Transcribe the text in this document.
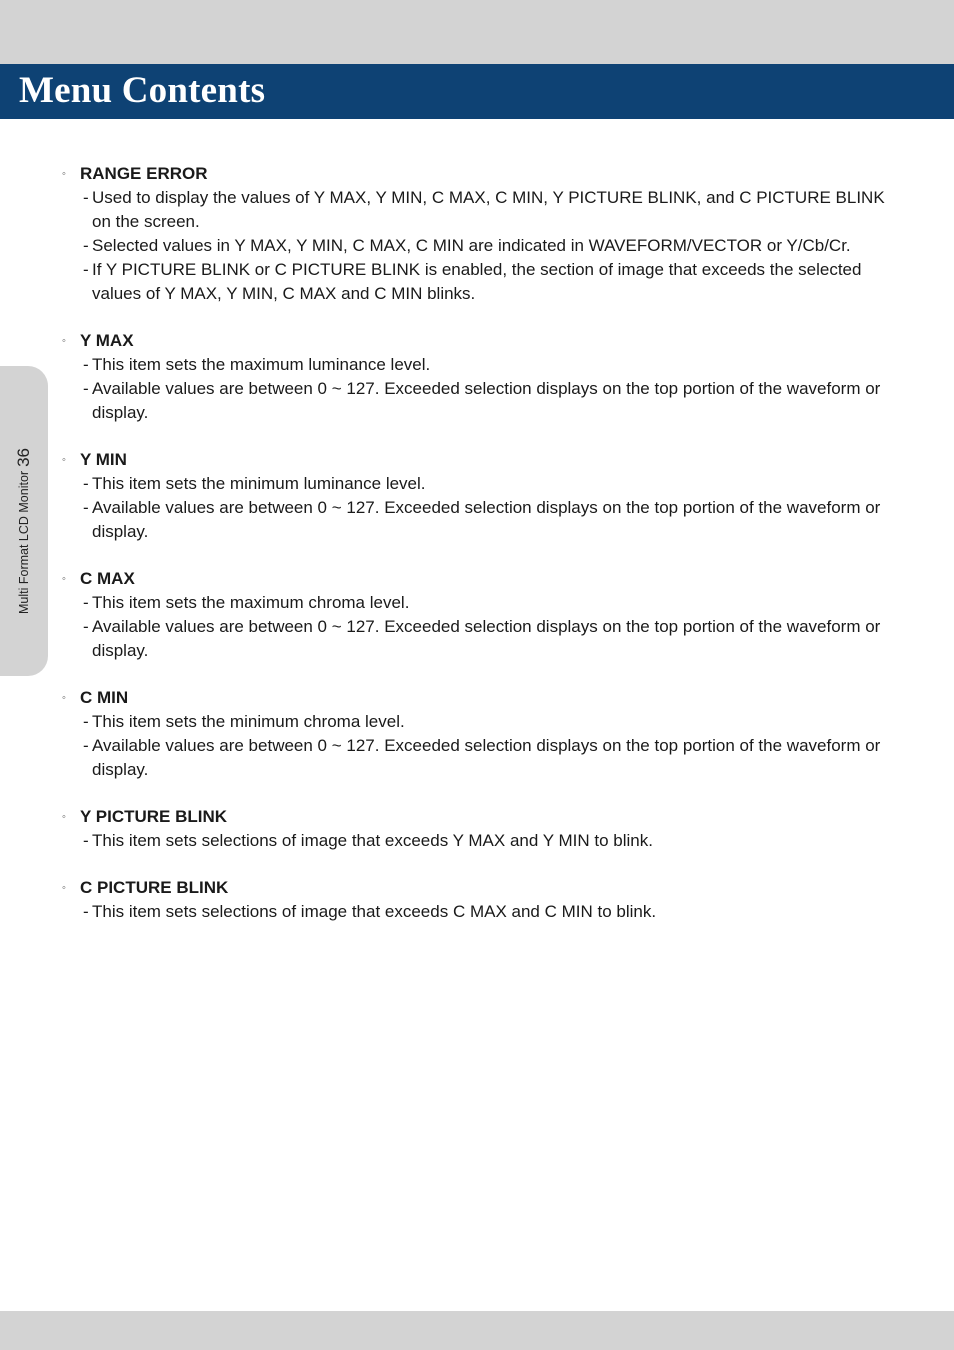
Menu Contents
Multi Format LCD Monitor36
◦ RANGE ERROR
- Used to display the values of Y MAX, Y MIN, C MAX, C MIN, Y PICTURE BLINK, and C PICTURE BLINK on the screen.
- Selected values in Y MAX, Y MIN, C MAX, C MIN are indicated in WAVEFORM/VECTOR or Y/Cb/Cr.
- If Y PICTURE BLINK or C PICTURE BLINK is enabled, the section of image that exceeds the selected values of Y MAX, Y MIN, C MAX and C MIN blinks.
◦ Y MAX
- This item sets the maximum luminance level.
- Available values are between 0 ~ 127. Exceeded selection displays on the top portion of the waveform or display.
◦ Y MIN
- This item sets the minimum luminance level.
- Available values are between 0 ~ 127. Exceeded selection displays on the top portion of the waveform or display.
◦ C MAX
- This item sets the maximum chroma level.
- Available values are between 0 ~ 127. Exceeded selection displays on the top portion of the waveform or display.
◦ C MIN
- This item sets the minimum chroma level.
- Available values are between 0 ~ 127. Exceeded selection displays on the top portion of the waveform or display.
◦ Y PICTURE BLINK
- This item sets selections of image that exceeds Y MAX and Y MIN to blink.
◦ C PICTURE BLINK
- This item sets selections of image that exceeds C MAX and C MIN to blink.
